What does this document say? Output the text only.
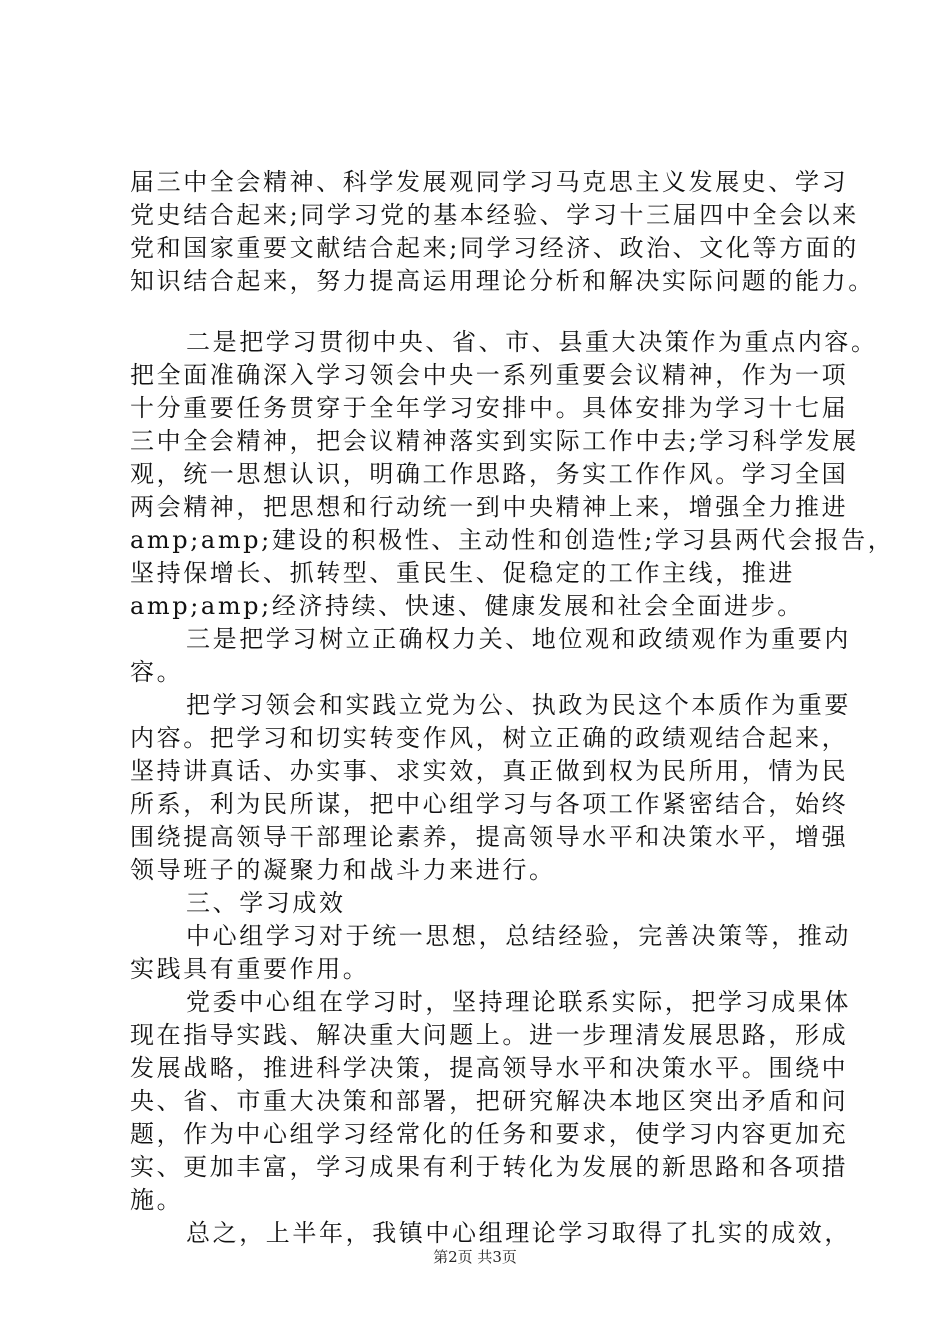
届三中全会精神、科学发展观同学习马克思主义发展史、学习
党史结合起来;同学习党的基本经验、学习十三届四中全会以来
党和国家重要文献结合起来;同学习经济、政治、文化等方面的
知识结合起来，努力提高运用理论分析和解决实际问题的能力。
二是把学习贯彻中央、省、市、县重大决策作为重点内容。
把全面准确深入学习领会中央一系列重要会议精神，作为一项
十分重要任务贯穿于全年学习安排中。具体安排为学习十七届
三中全会精神，把会议精神落实到实际工作中去;学习科学发展
观，统一思想认识，明确工作思路，务实工作作风。学习全国
两会精神，把思想和行动统一到中央精神上来，增强全力推进
amp;amp;建设的积极性、主动性和创造性;学习县两代会报告，
坚持保增长、抓转型、重民生、促稳定的工作主线，推进
amp;amp;经济持续、快速、健康发展和社会全面进步。
三是把学习树立正确权力关、地位观和政绩观作为重要内
容。
把学习领会和实践立党为公、执政为民这个本质作为重要
内容。把学习和切实转变作风，树立正确的政绩观结合起来，
坚持讲真话、办实事、求实效，真正做到权为民所用，情为民
所系，利为民所谋，把中心组学习与各项工作紧密结合，始终
围绕提高领导干部理论素养，提高领导水平和决策水平，增强
领导班子的凝聚力和战斗力来进行。
三、学习成效
中心组学习对于统一思想，总结经验，完善决策等，推动
实践具有重要作用。
党委中心组在学习时，坚持理论联系实际，把学习成果体
现在指导实践、解决重大问题上。进一步理清发展思路，形成
发展战略，推进科学决策，提高领导水平和决策水平。围绕中
央、省、市重大决策和部署，把研究解决本地区突出矛盾和问
题，作为中心组学习经常化的任务和要求，使学习内容更加充
实、更加丰富，学习成果有利于转化为发展的新思路和各项措
施。
总之，上半年，我镇中心组理论学习取得了扎实的成效，
第2页 共3页
